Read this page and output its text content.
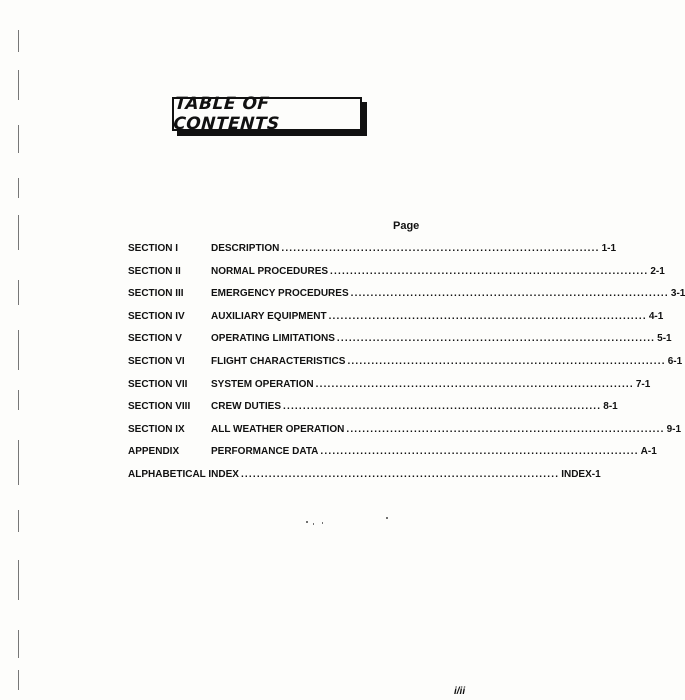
TABLE OF CONTENTS
Page
SECTION I	DESCRIPTION ................................................................................ 1-1
SECTION II	NORMAL PROCEDURES ................................................................................ 2-1
SECTION III	EMERGENCY PROCEDURES ................................................................................ 3-1
SECTION IV	AUXILIARY EQUIPMENT ................................................................................ 4-1
SECTION V	OPERATING LIMITATIONS ................................................................................ 5-1
SECTION VI	FLIGHT CHARACTERISTICS ................................................................................ 6-1
SECTION VII SYSTEM OPERATION ................................................................................ 7-1
SECTION VIII CREW DUTIES ................................................................................ 8-1
SECTION IX	ALL WEATHER OPERATION ................................................................................ 9-1
APPENDIX	PERFORMANCE DATA ................................................................................ A-1
ALPHABETICAL INDEX ................................................................................ INDEX-1
i/ii
